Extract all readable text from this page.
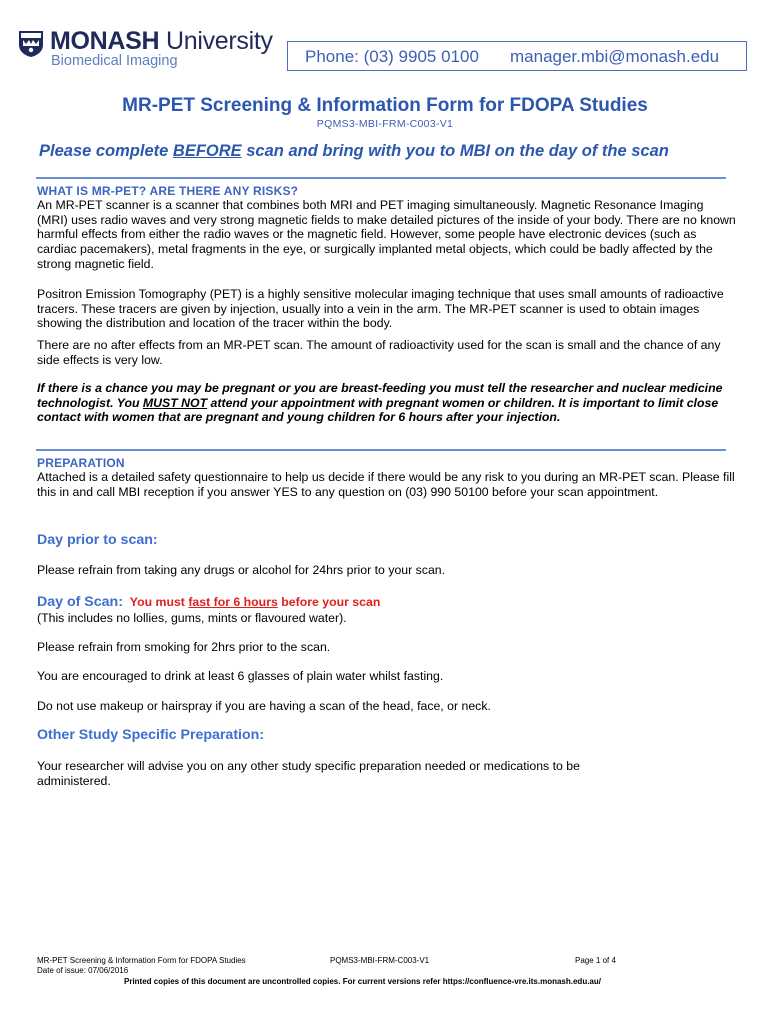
MONASH University
Biomedical Imaging	Phone: (03) 9905 0100 manager.mbi@monash.edu
MR-PET Screening & Information Form for FDOPA Studies
PQMS3-MBI-FRM-C003-V1
Please complete BEFORE scan and bring with you to MBI on the day of the scan
WHAT IS MR-PET? ARE THERE ANY RISKS?
An MR-PET scanner is a scanner that combines both MRI and PET imaging simultaneously. Magnetic Resonance Imaging (MRI) uses radio waves and very strong magnetic fields to make detailed pictures of the inside of your body. There are no known harmful effects from either the radio waves or the magnetic field. However, some people have electronic devices (such as cardiac pacemakers), metal fragments in the eye, or surgically implanted metal objects, which could be badly affected by the strong magnetic field.
Positron Emission Tomography (PET) is a highly sensitive molecular imaging technique that uses small amounts of radioactive tracers. These tracers are given by injection, usually into a vein in the arm. The MR-PET scanner is used to obtain images showing the distribution and location of the tracer within the body.
There are no after effects from an MR-PET scan. The amount of radioactivity used for the scan is small and the chance of any side effects is very low.
If there is a chance you may be pregnant or you are breast-feeding you must tell the researcher and nuclear medicine technologist. You MUST NOT attend your appointment with pregnant women or children. It is important to limit close contact with women that are pregnant and young children for 6 hours after your injection.
PREPARATION
Attached is a detailed safety questionnaire to help us decide if there would be any risk to you during an MR-PET scan. Please fill this in and call MBI reception if you answer YES to any question on (03) 990 50100 before your scan appointment.
Day prior to scan:
Please refrain from taking any drugs or alcohol for 24hrs prior to your scan.
Day of Scan: You must fast for 6 hours before your scan
(This includes no lollies, gums, mints or flavoured water).
Please refrain from smoking for 2hrs prior to the scan.
You are encouraged to drink at least 6 glasses of plain water whilst fasting.
Do not use makeup or hairspray if you are having a scan of the head, face, or neck.
Other Study Specific Preparation:
Your researcher will advise you on any other study specific preparation needed or medications to be administered.
MR-PET Screening & Information Form for FDOPA Studies	PQMS3-MBI-FRM-C003-V1	Page 1 of 4
Date of issue: 07/06/2016
Printed copies of this document are uncontrolled copies. For current versions refer https://confluence-vre.its.monash.edu.au/
